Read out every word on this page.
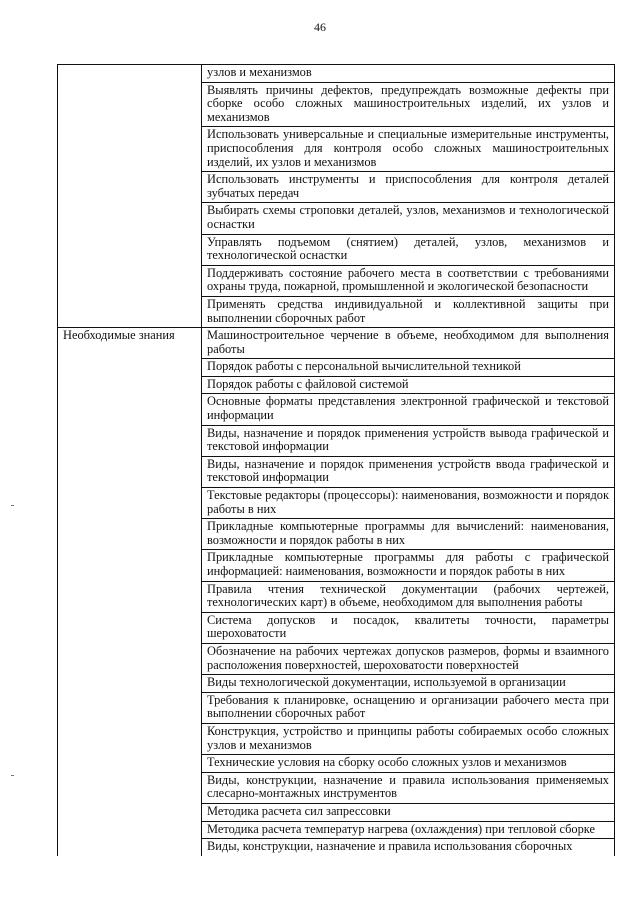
46
	узлов и механизмов
	Выявлять причины дефектов, предупреждать возможные дефекты при сборке особо сложных машиностроительных изделий, их узлов и механизмов
	Использовать универсальные и специальные измерительные инструменты, приспособления для контроля особо сложных машиностроительных изделий, их узлов и механизмов
	Использовать инструменты и приспособления для контроля деталей зубчатых передач
	Выбирать схемы строповки деталей, узлов, механизмов и технологической оснастки
	Управлять подъемом (снятием) деталей, узлов, механизмов и технологической оснастки
	Поддерживать состояние рабочего места в соответствии с требованиями охраны труда, пожарной, промышленной и экологической безопасности
	Применять средства индивидуальной и коллективной защиты при выполнении сборочных работ

Необходимые знания	Машиностроительное черчение в объеме, необходимом для выполнения работы
	Порядок работы с персональной вычислительной техникой
	Порядок работы с файловой системой
	Основные форматы представления электронной графической и текстовой информации
	Виды, назначение и порядок применения устройств вывода графической и текстовой информации
	Виды, назначение и порядок применения устройств ввода графической и текстовой информации
	Текстовые редакторы (процессоры): наименования, возможности и порядок работы в них
	Прикладные компьютерные программы для вычислений: наименования, возможности и порядок работы в них
	Прикладные компьютерные программы для работы с графической информацией: наименования, возможности и порядок работы в них
	Правила чтения технической документации (рабочих чертежей, технологических карт) в объеме, необходимом для выполнения работы
	Система допусков и посадок, квалитеты точности, параметры шероховатости
	Обозначение на рабочих чертежах допусков размеров, формы и взаимного расположения поверхностей, шероховатости поверхностей
	Виды технологической документации, используемой в организации
	Требования к планировке, оснащению и организации рабочего места при выполнении сборочных работ
	Конструкция, устройство и принципы работы собираемых особо сложных узлов и механизмов
	Технические условия на сборку особо сложных узлов и механизмов
	Виды, конструкции, назначение и правила использования применяемых слесарно-монтажных инструментов
	Методика расчета сил запрессовки
	Методика расчета температур нагрева (охлаждения) при тепловой сборке
	Виды, конструкции, назначение и правила использования сборочных
